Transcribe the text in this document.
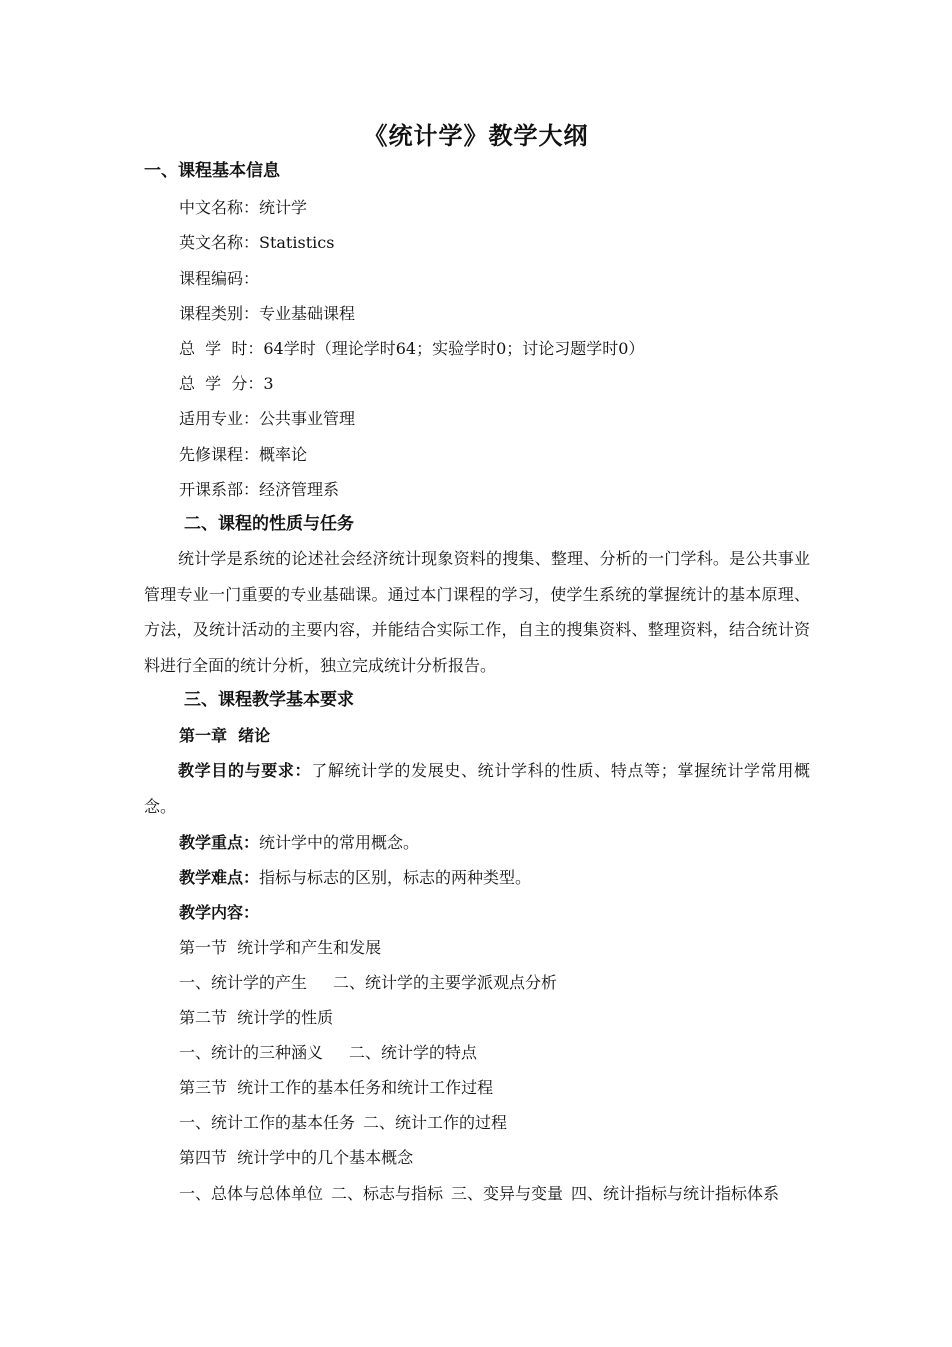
《统计学》教学大纲

一、课程基本信息

中文名称：统计学

英文名称：Statistics

课程编码：

课程类别：专业基础课程

总  学  时：64学时（理论学时64；实验学时0；讨论习题学时0）

总  学  分：3

适用专业：公共事业管理

先修课程：概率论

开课系部：经济管理系

二、课程的性质与任务

统计学是系统的论述社会经济统计现象资料的搜集、整理、分析的一门学科。是公共事业管理专业一门重要的专业基础课。通过本门课程的学习，使学生系统的掌握统计的基本原理、方法，及统计活动的主要内容，并能结合实际工作，自主的搜集资料、整理资料，结合统计资料进行全面的统计分析，独立完成统计分析报告。

三、课程教学基本要求

第一章  绪论

教学目的与要求：了解统计学的发展史、统计学科的性质、特点等；掌握统计学常用概念。

教学重点：统计学中的常用概念。

教学难点：指标与标志的区别，标志的两种类型。

教学内容：

第一节  统计学和产生和发展

一、统计学的产生 二、统计学的主要学派观点分析

第二节  统计学的性质

一、统计的三种涵义 二、统计学的特点

第三节  统计工作的基本任务和统计工作过程

一、统计工作的基本任务 二、统计工作的过程

第四节  统计学中的几个基本概念

一、总体与总体单位 二、标志与指标 三、变异与变量 四、统计指标与统计指标体系
